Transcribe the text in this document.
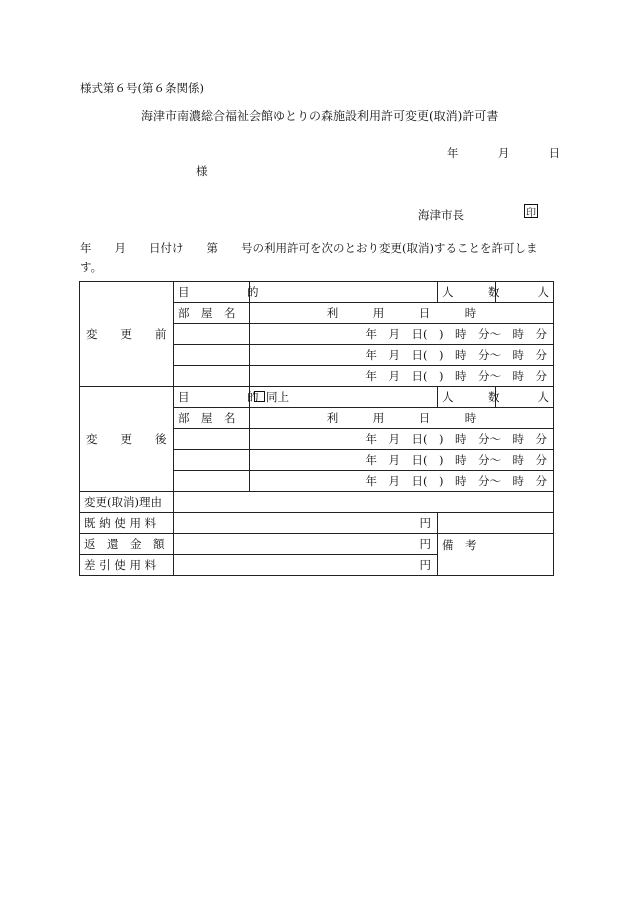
様式第６号(第６条関係)
海津市南濃総合福祉会館ゆとりの森施設利用許可変更(取消)許可書
年	月	日
様
海津市長	印
年　　月　　日付け　　第　　号の利用許可を次のとおり変更(取消)することを許可します。
変　　更　　前	目　　　　　的		人　　　数	人
	部　屋　名	利　　　用　　　日　　　時		
		年　月　日(　)　時　分〜　時　分		
		年　月　日(　)　時　分〜　時　分		
		年　月　日(　)　時　分〜　時　分		
変　　更　　後	目　　　　　的	同上	人　　　数	人
	部　屋　名	利　　　用　　　日　　　時		
		年　月　日(　)　時　分〜　時　分		
		年　月　日(　)　時　分〜　時　分		
		年　月　日(　)　時　分〜　時　分		
変更(取消)理由				
既 納 使 用 料	円			
返　還　金　額	円		備　考	
差 引 使 用 料	円			
